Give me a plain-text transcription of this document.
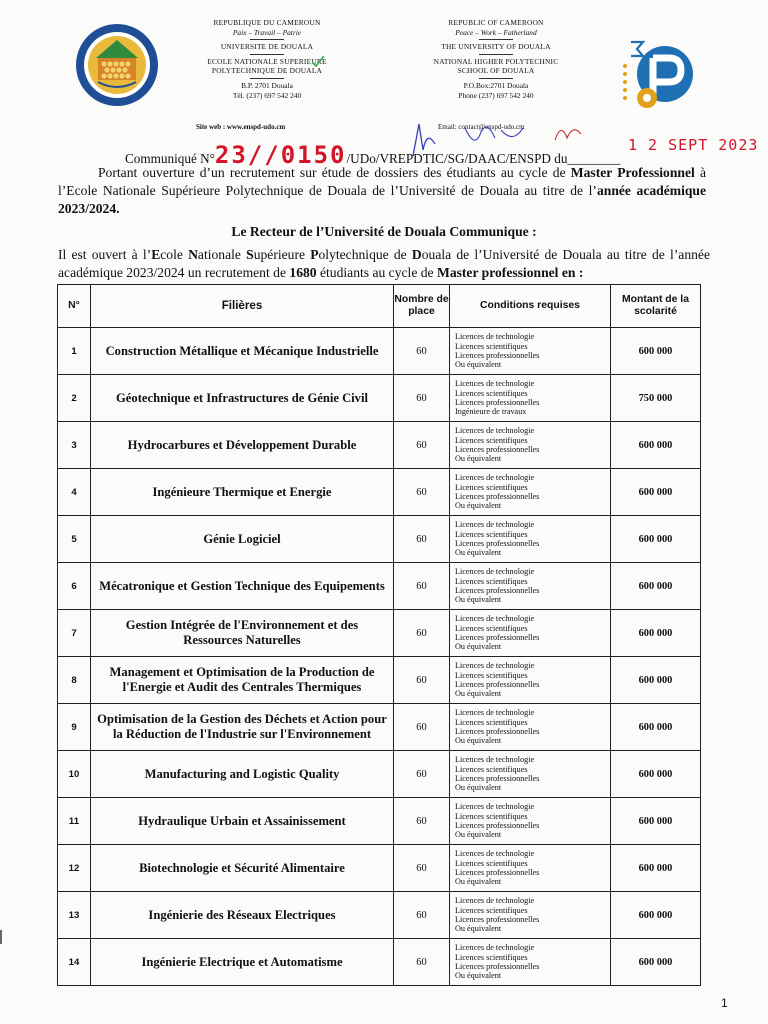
REPUBLIQUE DU CAMEROUN
Paix – Travail – Patrie
UNIVERSITE DE DOUALA
ECOLE NATIONALE SUPERIEURE
POLYTECHNIQUE DE DOUALA
B.P. 2701 Douala
Tél. (237) 697 542 240
REPUBLIC OF CAMEROON
Peace – Work – Fatherland
THE UNIVERSITY OF DOUALA
NATIONAL HIGHER POLYTECHNIC
SCHOOL OF DOUALA
P.O.Box:2701 Douala
Phone (237) 697 542 240
Site web : www.enspd-udo.cm	Email: contact@enspd-udo.cm
Communiqué N°23//0150/UDo/VREPDTIC/SG/DAAC/ENSPD du________
1 2 SEPT 2023
Portant ouverture d’un recrutement sur étude de dossiers des étudiants au cycle de Master Professionnel à l’Ecole Nationale Supérieure Polytechnique de Douala de l’Université de Douala au titre de l’année académique 2023/2024.
Le Recteur de l’Université de Douala Communique :
Il est ouvert à l’Ecole Nationale Supérieure Polytechnique de Douala de l’Université de Douala au titre de l’année académique 2023/2024 un recrutement de 1680 étudiants au cycle de Master professionnel en :
N°	Filières	Nombre de place	Conditions requises	Montant de la scolarité
1	Construction Métallique et Mécanique Industrielle	60	Licences de technologie
Licences scientifiques
Licences professionnelles
Ou équivalent	600 000
2	Géotechnique et Infrastructures de Génie Civil	60	Licences de technologie
Licences scientifiques
Licences professionnelles
Ingénieure de travaux	750 000
3	Hydrocarbures et Développement Durable	60	Licences de technologie
Licences scientifiques
Licences professionnelles
Ou équivalent	600 000
4	Ingénieure Thermique et Energie	60	Licences de technologie
Licences scientifiques
Licences professionnelles
Ou équivalent	600 000
5	Génie Logiciel	60	Licences de technologie
Licences scientifiques
Licences professionnelles
Ou équivalent	600 000
6	Mécatronique et Gestion Technique des Equipements	60	Licences de technologie
Licences scientifiques
Licences professionnelles
Ou équivalent	600 000
7	Gestion Intégrée de l'Environnement et des Ressources Naturelles	60	Licences de technologie
Licences scientifiques
Licences professionnelles
Ou équivalent	600 000
8	Management et Optimisation de la Production de l'Energie et Audit des Centrales Thermiques	60	Licences de technologie
Licences scientifiques
Licences professionnelles
Ou équivalent	600 000
9	Optimisation de la Gestion des Déchets et Action pour la Réduction de l'Industrie sur l'Environnement	60	Licences de technologie
Licences scientifiques
Licences professionnelles
Ou équivalent	600 000
10	Manufacturing and Logistic Quality	60	Licences de technologie
Licences scientifiques
Licences professionnelles
Ou équivalent	600 000
11	Hydraulique Urbain et Assainissement	60	Licences de technologie
Licences scientifiques
Licences professionnelles
Ou équivalent	600 000
12	Biotechnologie et Sécurité Alimentaire	60	Licences de technologie
Licences scientifiques
Licences professionnelles
Ou équivalent	600 000
13	Ingénierie des Réseaux Electriques	60	Licences de technologie
Licences scientifiques
Licences professionnelles
Ou équivalent	600 000
14	Ingénierie Electrique et Automatisme	60	Licences de technologie
Licences scientifiques
Licences professionnelles
Ou équivalent	600 000
1
